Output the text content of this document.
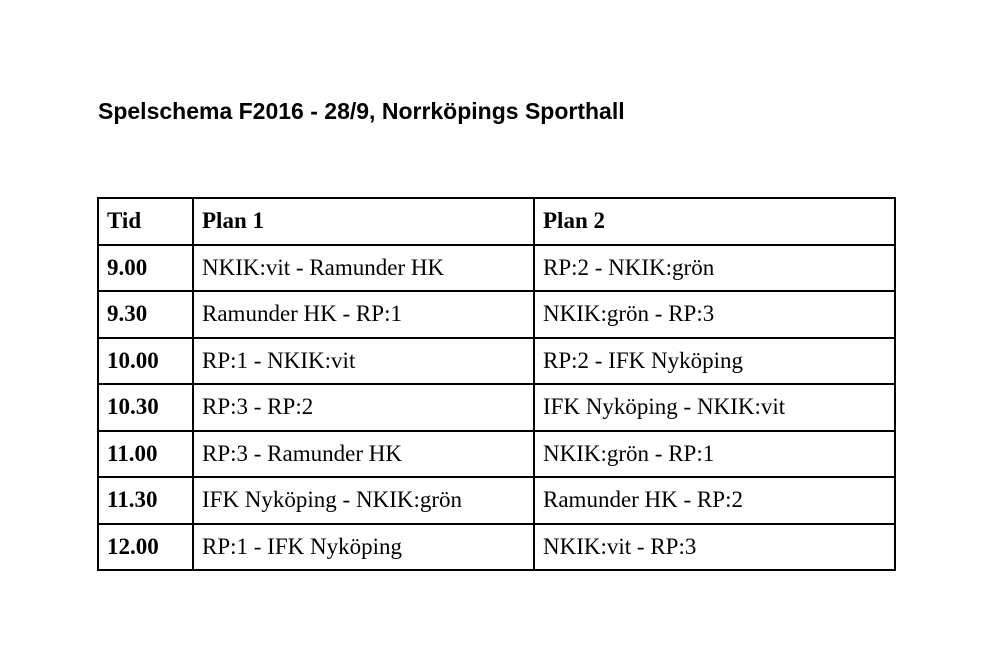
Spelschema F2016 - 28/9, Norrköpings Sporthall
Tid	Plan 1	Plan 2
9.00	NKIK:vit - Ramunder HK	RP:2 - NKIK:grön
9.30	Ramunder HK - RP:1	NKIK:grön - RP:3
10.00	RP:1 - NKIK:vit	RP:2 - IFK Nyköping
10.30	RP:3 - RP:2	IFK Nyköping - NKIK:vit
11.00	RP:3 - Ramunder HK	NKIK:grön - RP:1
11.30	IFK Nyköping - NKIK:grön	Ramunder HK - RP:2
12.00	RP:1 - IFK Nyköping	NKIK:vit - RP:3
